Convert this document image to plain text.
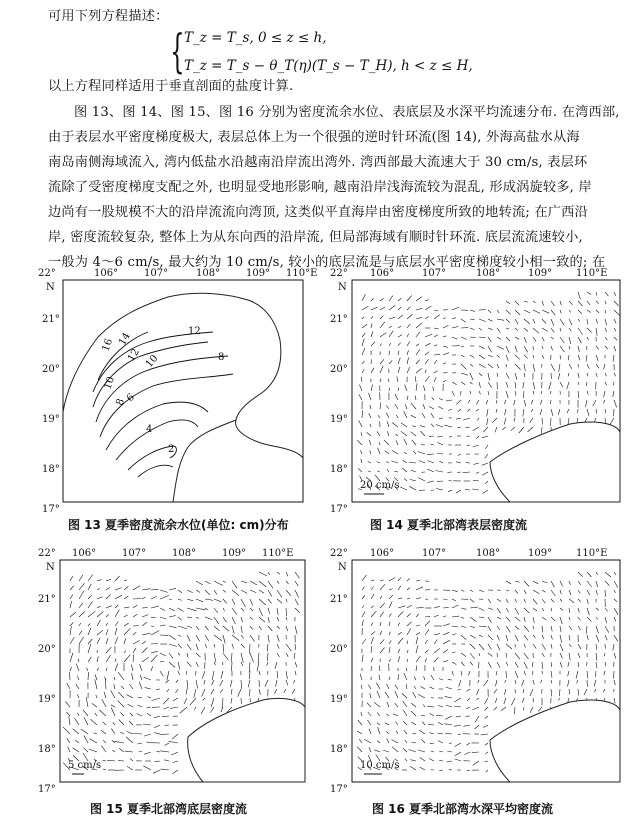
可用下列方程描述：
{ T_z = T_s, 0 ≤ z ≤ h,
T_z = T_s − θ_T(η)(T_s − T_H), h < z ≤ H,
以上方程同样适用于垂直剖面的盐度计算.
图 13、图 14、图 15、图 16 分别为密度流余水位、表底层及水深平均流速分布. 在湾西部,
由于表层水平密度梯度极大, 表层总体上为一个很强的逆时针环流(图 14), 外海高盐水从海
南岛南侧海域流入, 湾内低盐水沿越南沿岸流出湾外. 湾西部最大流速大于 30 cm/s, 表层环
流除了受密度梯度支配之外, 也明显受地形影响, 越南沿岸浅海流较为混乱, 形成涡旋较多, 岸
边尚有一股规模不大的沿岸流流向湾顶, 这类似平直海岸由密度梯度所致的地转流; 在广西沿
岸, 密度流较复杂, 整体上为从东向西的沿岸流, 但局部海域有顺时针环流. 底层流流速较小,
一般为 4～6 cm/s, 最大约为 10 cm/s, 较小的底层流是与底层水平密度梯度较小相一致的; 在
106°	107°	108°	109° 110°E
22°
N
21°
20°
19°
18°
17°
16 14	12
12 10	8
6
4
2
10
8
图 13 夏季密度流余水位(单位: cm)分布
106°	107°	108°	109° 110°E
22°
N
21°
20°
19°
18°
17°
20 cm/s
图 14 夏季北部湾表层密度流
106°	107°	108°	109° 110°E
22°
N
21°
20°
19°
18°
17°
5 cm/s
图 15 夏季北部湾底层密度流
106°	107°	108°	109° 110°E
22°
N
21°
20°
19°
18°
17°
10 cm/s
图 16 夏季北部湾水深平均密度流
